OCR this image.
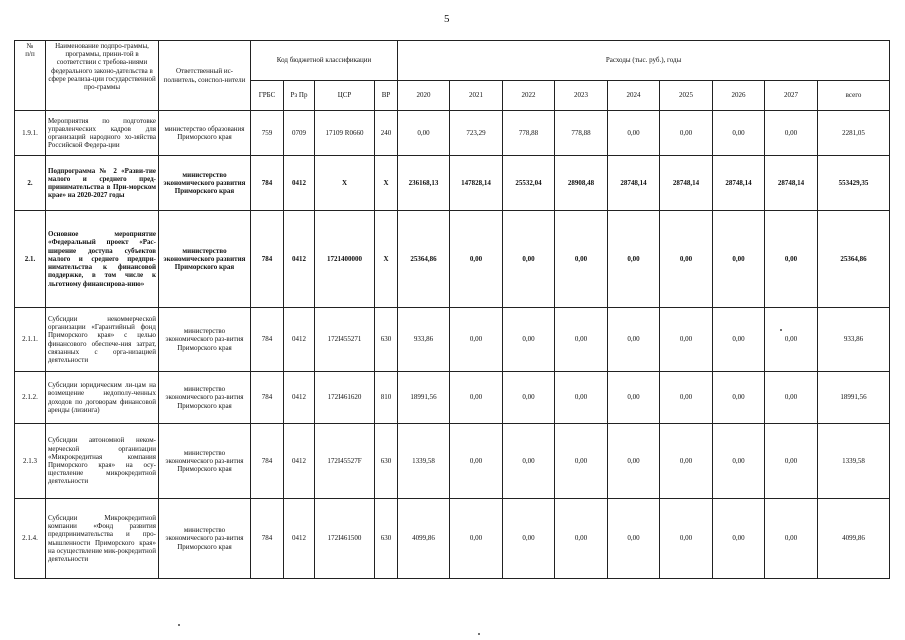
5
№
п/п	Наименование подпро-граммы, программы, прини-той в соответствии с требова-ниями федерального законо-дательства в сфере реализа-ции государственной про-граммы	Ответственный ис-полнитель, соиспол-нители	Код бюджетной классификации				Расходы (тыс. руб.), годы								
			ГРБС	Рз Пр	ЦСР	ВР	2020	2021	2022	2023	2024	2025	2026	2027	всего
1.9.1.	Мероприятия по подготовке управленческих кадров для организаций народного хо-зяйства Российской Федера-ции	министерство образования Приморского края	759	0709	17109 R0660	240	0,00	723,29	778,88	778,88	0,00	0,00	0,00	0,00	2281,05
2.	Подпрограмма № 2 «Разви-тие малого и среднего пред-принимательства в При-морском крае» на 2020-2027 годы	министерство экономического развития Приморского края	784	0412	Х	Х	236168,13	147828,14	25532,04	28908,48	28748,14	28748,14	28748,14	28748,14	553429,35
2.1.	Основное мероприятие «Федеральный проект «Рас-ширение доступа субъектов малого и среднего предпри-нимательства к финансовой поддержке, в том числе к льготному финансирова-нию»	министерство экономического развития Приморского края	784	0412	1721400000	Х	25364,86	0,00	0,00	0,00	0,00	0,00	0,00	0,00	25364,86
2.1.1.	Субсидии некоммерческой организации «Гарантийный фонд Приморского края» с целью финансового обеспече-ния затрат, связанных с орга-низацией деятельности	министерство экономического раз-вития Приморского края	784	0412	172I455271	630	933,86	0,00	0,00	0,00	0,00	0,00	0,00	0,00	933,86
2.1.2.	Субсидии юридическим ли-цам на возмещение недополу-ченных доходов по договорам финансовой аренды (лизинга)	министерство экономического раз-вития Приморского края	784	0412	172I461620	810	18991,56	0,00	0,00	0,00	0,00	0,00	0,00	0,00	18991,56
2.1.3	Субсидии автономной неком-мерческой организации «Микрокредитная компания Приморского края» на осу-ществление микрокредитной деятельности	министерство экономического раз-вития Приморского края	784	0412	172I45527F	630	1339,58	0,00	0,00	0,00	0,00	0,00	0,00	0,00	1339,58
2.1.4.	Субсидии Микрокредитной компании «Фонд развития предпринимательства и про-мышленности Приморского края» на осуществление мик-рокредитной деятельности	министерство экономического раз-вития Приморского края	784	0412	172I461500	630	4099,86	0,00	0,00	0,00	0,00	0,00	0,00	0,00	4099,86
